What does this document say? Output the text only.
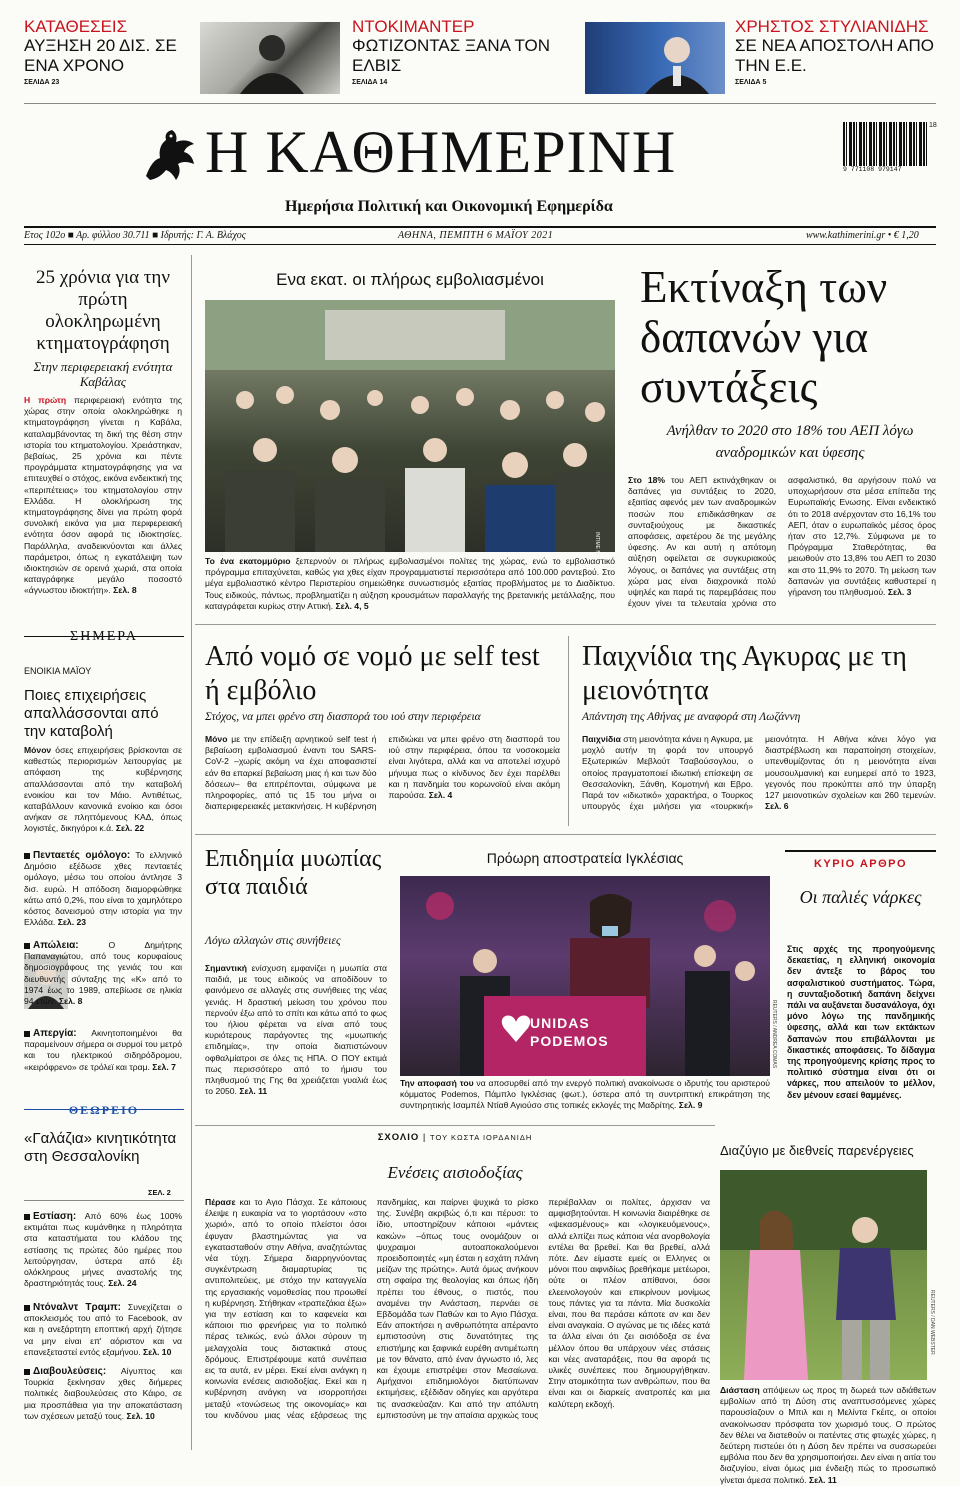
ΚΑΤΑΘΕΣΕΙΣ
ΑΥΞΗΣΗ 20 ΔΙΣ. ΣΕ ΕΝΑ ΧΡΟΝΟ
ΣΕΛΙΔΑ 23
ΝΤΟΚΙΜΑΝΤΕΡ
ΦΩΤΙΖΟΝΤΑΣ ΞΑΝΑ ΤΟΝ ΕΛΒΙΣ
ΣΕΛΙΔΑ 14
ΧΡΗΣΤΟΣ ΣΤΥΛΙΑΝΙΔΗΣ
ΣΕ ΝΕΑ ΑΠΟΣΤΟΛΗ ΑΠΟ ΤΗΝ Ε.Ε.
ΣΕΛΙΔΑ 5
Η ΚΑΘΗΜΕΡΙΝΗ
Ημερήσια Πολιτική και Οικονομική Εφημερίδα
18
9 771108 979147
Ετος 102ο ■ Αρ. φύλλου 30.711 ■ Ιδρυτής: Γ. Α. Βλάχος	ΑΘΗΝΑ, ΠΕΜΠΤΗ 6 ΜΑΪΟΥ 2021	www.kathimerini.gr • € 1,20
25 χρόνια για την πρώτη ολοκληρωμένη κτηματογράφηση
Στην περιφερειακή ενότητα Καβάλας
Η πρώτη περιφερειακή ενότητα της χώρας στην οποία ολοκληρώθηκε η κτηματογράφηση γίνεται η Καβάλα, καταλαμβάνοντας τη δική της θέση στην ιστορία του κτηματολογίου. Χρειάστηκαν, βεβαίως, 25 χρόνια και πέντε προγράμματα κτηματογράφησης για να επιτευχθεί ο στόχος, εικόνα ενδεικτική της «περιπέτειας» του κτηματολογίου στην Ελλάδα. Η ολοκλήρωση της κτηματογράφησης δίνει για πρώτη φορά συνολική εικόνα για μια περιφερειακή ενότητα όσον αφορά τις ιδιοκτησίες. Παράλληλα, αναδεικνύονται και άλλες παράμετροι, όπως η εγκατάλειψη των ιδιοκτησιών σε ορεινά χωριά, στα οποία καταγράφηκε μεγάλο ποσοστό «άγνωστου ιδιοκτήτη». Σελ. 8
ΣΗΜΕΡΑ
ΕΝΟΙΚΙΑ ΜΑΪΟΥ
Ποιες επιχειρήσεις απαλλάσσονται από την καταβολή
Μόνον όσες επιχειρήσεις βρίσκονται σε καθεστώς περιορισμών λειτουργίας με απόφαση της κυβέρνησης απαλλάσσονται από την καταβολή ενοικίου και τον Μάιο. Αντιθέτως, καταβάλλουν κανονικά ενοίκιο και όσοι ανήκαν σε πληττόμενους ΚΑΔ, όπως λογιστές, δικηγόροι κ.ά. Σελ. 22
Πενταετές ομόλογο: Το ελληνικό Δημόσιο εξέδωσε χθες πενταετές ομόλογο, μέσω του οποίου άντλησε 3 δισ. ευρώ. Η απόδοση διαμορφώθηκε κάτω από 0,2%, που είναι το χαμηλότερο κόστος δανεισμού στην ιστορία για την Ελλάδα. Σελ. 23
Απώλεια: Ο Δημήτρης Παπαναγιώτου, από τους κορυφαίους δημοσιογράφους της γενιάς του και διευθυντής σύνταξης της «Κ» από το 1974 έως το 1989, απεβίωσε σε ηλικία 94 ετών. Σελ. 8
Απεργία: Ακινητοποιημένοι θα παραμείνουν σήμερα οι συρμοί του μετρό και του ηλεκτρικού σιδηρόδρομου, «κειρόφρενο» σε τρόλεϊ και τραμ. Σελ. 7
ΘΕΩΡΕΙΟ
«Γαλάζια» κινητικότητα στη Θεσσαλονίκη
ΣΕΛ. 2
Εστίαση: Από 60% έως 100% εκτιμάται πως κυμάνθηκε η πληρότητα στα καταστήματα του κλάδου της εστίασης τις πρώτες δύο ημέρες που λειτούργησαν, ύστερα από έξι ολόκληρους μήνες αναστολής της δραστηριότητάς τους. Σελ. 24
Ντόναλντ Τραμπ: Συνεχίζεται ο αποκλεισμός του από το Facebook, αν και η ανεξάρτητη εποπτική αρχή ζήτησε να μην είναι επ' αόριστον και να επανεξεταστεί εντός εξαμήνου. Σελ. 10
Διαβουλεύσεις: Αίγυπτος και Τουρκία ξεκίνησαν χθες διήμερες πολιτικές διαβουλεύσεις στο Κάιρο, σε μια προσπάθεια για την αποκατάσταση των σχέσεων μεταξύ τους. Σελ. 10
Ενα εκατ. οι πλήρως εμβολιασμένοι
INTIME NEWS
Το ένα εκατομμύριο ξεπερνούν οι πλήρως εμβολιασμένοι πολίτες της χώρας, ενώ το εμβολιαστικό πρόγραμμα επιταχύνεται, καθώς για χθες είχαν προγραμματιστεί περισσότερα από 100.000 ραντεβού. Στο μέγα εμβολιαστικό κέντρο Περιστερίου σημειώθηκε συνωστισμός εξαιτίας προβλήματος με το Διαδίκτυο. Τους ειδικούς, πάντως, προβληματίζει η αύξηση κρουσμάτων παραλλαγής της βρετανικής μετάλλαξης, που καταγράφεται κυρίως στην Αττική. Σελ. 4, 5
Εκτίναξη των δαπανών για συντάξεις
Ανήλθαν το 2020 στο 18% του ΑΕΠ λόγω αναδρομικών και ύφεσης
Στο 18% του ΑΕΠ εκτινάχθηκαν οι δαπάνες για συντάξεις το 2020, εξαιτίας αφενός μεν των αναδρομικών ποσών που επιδικάσθηκαν σε συνταξιούχους με δικαστικές αποφάσεις, αφετέρου δε της μεγάλης ύφεσης. Αν και αυτή η απότομη αύξηση οφείλεται σε συγκυριακούς λόγους, οι δαπάνες για συντάξεις στη χώρα μας είναι διαχρονικά πολύ υψηλές και παρά τις παρεμβάσεις που έχουν γίνει τα τελευταία χρόνια στο ασφαλιστικό, θα αργήσουν πολύ να υποχωρήσουν στα μέσα επίπεδα της Ευρωπαϊκής Ενωσης. Είναι ενδεικτικό ότι το 2018 ανέρχονταν στο 16,1% του ΑΕΠ, όταν ο ευρωπαϊκός μέσος όρος ήταν στο 12,7%. Σύμφωνα με το Πρόγραμμα Σταθερότητας, θα μειωθούν στο 13,8% του ΑΕΠ το 2030 και στο 11,9% το 2070. Τη μείωση των δαπανών για συντάξεις καθυστερεί η γήρανση του πληθυσμού. Σελ. 3
Από νομό σε νομό με self test ή εμβόλιο
Στόχος, να μπει φρένο στη διασπορά του ιού στην περιφέρεια
Μόνο με την επίδειξη αρνητικού self test ή βεβαίωση εμβολιασμού έναντι του SARS-CoV-2 –χωρίς ακόμη να έχει αποφασιστεί εάν θα επαρκεί βεβαίωση μιας ή και των δύο δόσεων– θα επιτρέπονται, σύμφωνα με πληροφορίες, από τις 15 του μήνα οι διαπεριφερειακές μετακινήσεις. Η κυβέρνηση επιδιώκει να μπει φρένο στη διασπορά του ιού στην περιφέρεια, όπου τα νοσοκομεία είναι λιγότερα, αλλά και να αποτελεί ισχυρό μήνυμα πως ο κίνδυνος δεν έχει παρέλθει και η πανδημία του κορωνοϊού είναι ακόμη παρούσα. Σελ. 4
Παιχνίδια της Αγκυρας με τη μειονότητα
Απάντηση της Αθήνας με αναφορά στη Λωζάννη
Παιχνίδια στη μειονότητα κάνει η Αγκυρα, με μοχλό αυτήν τη φορά τον υπουργό Εξωτερικών Μεβλούτ Τσαβούσογλου, ο οποίος πραγματοποιεί ιδιωτική επίσκεψη σε Θεσσαλονίκη, Ξάνθη, Κομοτηνή και Εβρο. Παρά τον «ιδιωτικό» χαρακτήρα, ο Τουρκος υπουργός έχει μιλήσει για «τουρκική» μειονότητα. Η Αθήνα κάνει λόγο για διαστρέβλωση και παραποίηση στοιχείων, υπενθυμίζοντας ότι η μειονότητα είναι μουσουλμανική και ευημερεί από το 1923, γεγονός που προκύπτει από την ύπαρξη 127 μειονοτικών σχολείων και 260 τεμενών. Σελ. 6
Επιδημία μυωπίας στα παιδιά
Λόγω αλλαγών στις συνήθειες
Σημαντική ενίσχυση εμφανίζει η μυωπία στα παιδιά, με τους ειδικούς να αποδίδουν το φαινόμενο σε αλλαγές στις συνήθειες της νέας γενιάς. Η δραστική μείωση του χρόνου που περνούν έξω από το σπίτι και κάτω από το φως του ήλιου φέρεται να είναι από τους κυριότερους παράγοντες της «μυωπικής επιδημίας», την οποία διαπιστώνουν οφθαλμίατροι σε όλες τις ΗΠΑ. Ο ΠΟΥ εκτιμά πως περισσότερο από το ήμισυ του πληθυσμού της Γης θα χρειάζεται γυαλιά έως το 2050. Σελ. 11
Πρόωρη αποστρατεία Ιγκλέσιας
UNIDAS
PODEMOS	REUTERS / ANDREA COMAS
Την αποφασή του να αποσυρθεί από την ενεργό πολιτική ανακοίνωσε ο ιδρυτής του αριστερού κόμματος Podemos, Πάμπλο Ιγκλέσιας (φωτ.), ύστερα από τη συντριπτική επικράτηση της συντηρητικής Ισαμπέλ Ντίαθ Αγιούσο στις τοπικές εκλογές της Μαδρίτης. Σελ. 9
ΚΥΡΙΟ ΑΡΘΡΟ
Οι παλιές νάρκες
Στις αρχές της προηγούμενης δεκαετίας, η ελληνική οικονομία δεν άντεξε το βάρος του ασφαλιστικού συστήματος. Τώρα, η συνταξιοδοτική δαπάνη δείχνει πάλι να αυξάνεται δυσανάλογα, όχι μόνο λόγω της πανδημικής ύφεσης, αλλά και των εκτάκτων δαπανών που επιβάλλονται με δικαστικές αποφάσεις. Το δίδαγμα της προηγούμενης κρίσης προς το πολιτικό σύστημα είναι ότι οι νάρκες, που απειλούν το μέλλον, δεν μένουν εσαεί θαμμένες.
ΣΧΟΛΙΟ | ΤΟΥ ΚΩΣΤΑ ΙΟΡΔΑΝΙΔΗ
Ενέσεις αισιοδοξίας
Πέρασε και το Αγιο Πάσχα. Σε κάποιους έλειψε η ευκαιρία να το γιορτάσουν «στο χωριό», από το οποίο πλείστοι όσοι έφυγαν βλαστημώντας για να εγκατασταθούν στην Αθήνα, αναζητώντας νέα τύχη. Σήμερα διαρρηγνύοντας συγκέντρωση διαμαρτυρίας τις αντιπολιτεύεις, με στόχο την καταγγελία της εργασιακής νομοθεσίας που προωθεί η κυβέρνηση. Στήθηκαν «τραπεζάκια έξω» για την εστίαση και το καφενεία και κάποιοι πιο φρενήρεις για το πολιτικό πέρας τελικώς, ενώ άλλοι σύρουν τη μελαγχολία τους διστακτικά στους δρόμους. Επιστρέφουμε κατά συνέπεια εις τα αυτά, εν μέρει. Εκεί είναι ανάγκη η κοινωνία ενέσεις αισιοδοξίας. Εκεί και η κυβέρνηση ανάγκη να ισορροπήσει μεταξύ «τονώσεως της οικονομίας» και του κινδύνου μιας νέας εξάρσεως της πανδημίας, και παίρνει ψυχικά το ρίσκο της. Συνέβη ακριβώς ό,τι και πέρυσι: το ίδιο, υποστηρίζουν κάποιοι «μάντεις κακών» –όπως τους ονομάζουν οι ψυχραιμοι αυτοαποκαλούμενοι προειδοποιητές «μη έσται η εσχάτη πλάνη μείζων της πρώτης». Αυτά όμως ανήκουν στη σφαίρα της θεολογίας και όπως ήδη πρέπει του έθνους, ο πιστός, που αναμένει την Ανάσταση, περνάει σε Εβδομάδα των Παθών και το Αγιο Πάσχα. Εάν αποκτήσει η ανθρωπότητα απέραντο εμπιστοσύνη στις δυνατότητες της επιστήμης και ξαφνικά ευρέθη αντιμέτωπη με τον θάνατο, από έναν άγνωστο ιό, λες και έχουμε επιστρέψει στον Μεσαίωνα. Αμήχανοι επιδημιολόγοι διατύπωναν εκτιμήσεις, εξέδιδαν οδηγίες και αργότερα τις ανασκεύαζαν. Και από την απόλυτη εμπιστοσύνη με την απαίσια αρχικώς τους περιέβαλλαν οι πολίτες, άρχισαν να αμφισβητούνται. Η κοινωνία διαιρέθηκε σε «ψεκασμένους» και «λογικευόμενους», αλλά ελπίζει πως κάποια νέα ανορθολογία εντέλει θα βρεθεί. Και θα βρεθεί, αλλά πότε. Δεν είμαστε εμείς οι Ελληνες οι μόνοι που αιφνιδίως βρεθήκαμε μετέωροι, ούτε οι πλέον απίθανοι, όσοι ελεεινολογούν και επικρίνουν μονίμως τους πάντες για τα πάντα. Μία δυσκολία είναι, που θα περάσει κάποτε αν και δεν είναι αναγκαία. Ο αγώνας με τις ιδέες κατά τα άλλα είναι ότι ζει αισιόδοξα σε ένα μέλλον όπου θα υπάρχουν νέες στάσεις και νέες αναταράξεις, που θα αφορά τις υλικές συνέπειες που δημιουργήθηκαν. Στην ατομικότητα των ανθρώπων, που θα είναι και οι διαρκείς ανατροπές και μια καλύτερη εκδοχή.
Διαζύγιο με διεθνείς παρενέργειες
REUTERS / DAN WEBSTER
Διάσταση απόψεων ως προς τη δωρεά των αδιάθετων εμβολίων από τη Δύση στις αναπτυσσόμενες χώρες παρουσίαζουν ο Μπιλ και η Μελίντα Γκέιτς, οι οποίοι ανακοίνωσαν πρόσφατα τον χωρισμό τους. Ο πρώτος δεν θέλει να διατεθούν οι πατέντες στις φτωχές χώρες, η δεύτερη πιστεύει ότι η Δύση δεν πρέπει να συσσωρεύει εμβόλια που δεν θα χρησιμοποιήσει. Δεν είναι η αιτία του διαζυγίου, είναι όμως μια ένδειξη πώς το προσωπικό γίνεται άμεσα πολιτικό. Σελ. 11
